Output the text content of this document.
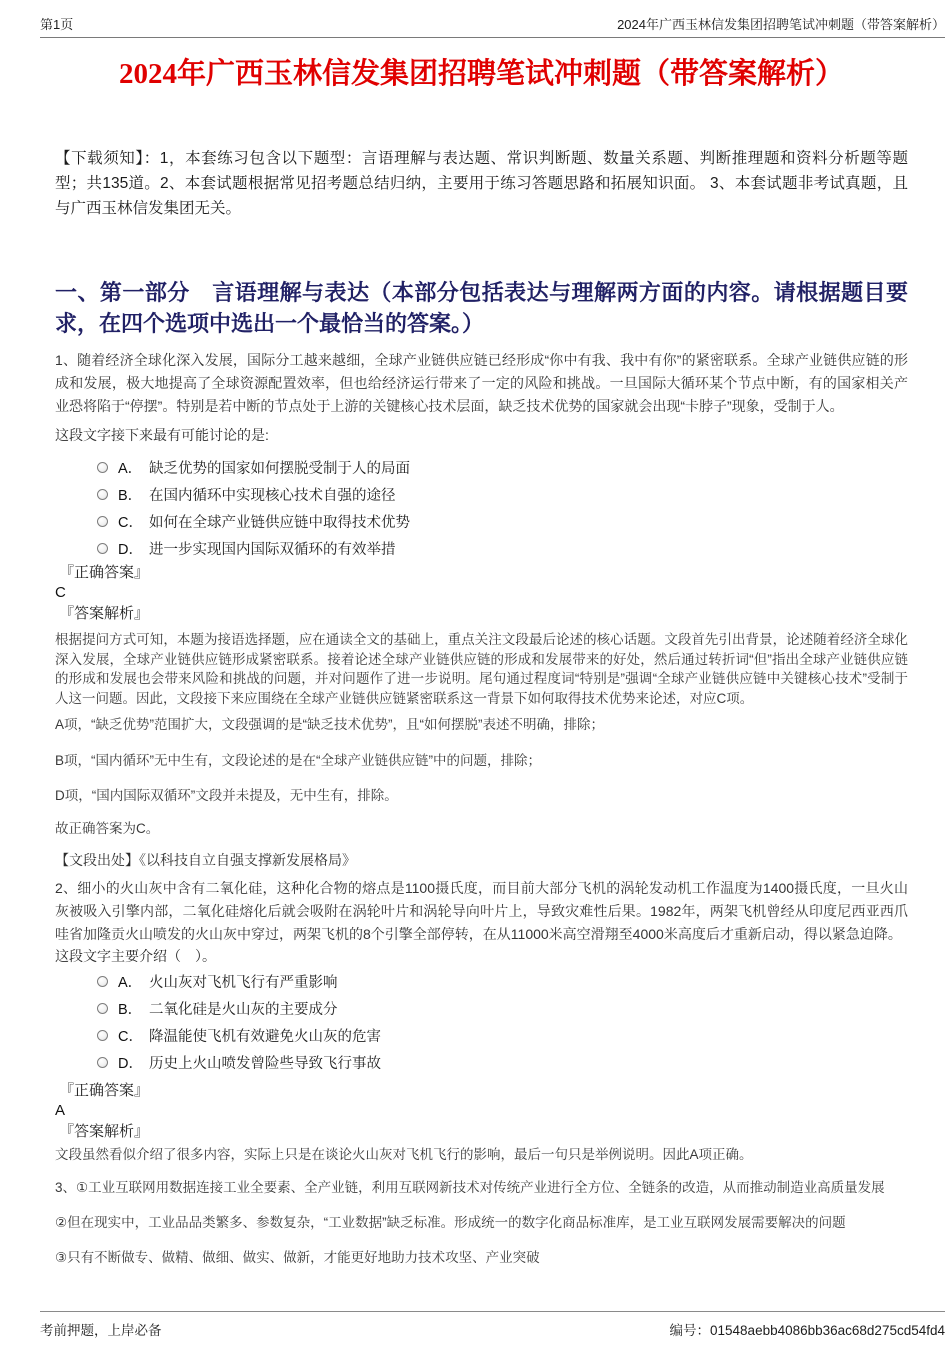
第1页	2024年广西玉林信发集团招聘笔试冲刺题（带答案解析）
2024年广西玉林信发集团招聘笔试冲刺题（带答案解析）

【下载须知】：1，本套练习包含以下题型：言语理解与表达题、常识判断题、数量关系题、判断推理题和资料分析题等题型；共135道。2、本套试题根据常见招考题总结归纳，主要用于练习答题思路和拓展知识面。 3、本套试题非考试真题，且与广西玉林信发集团无关。

一、第一部分　言语理解与表达（本部分包括表达与理解两方面的内容。请根据题目要求，在四个选项中选出一个最恰当的答案。）

1、随着经济全球化深入发展，国际分工越来越细，全球产业链供应链已经形成“你中有我、我中有你”的紧密联系。全球产业链供应链的形成和发展，极大地提高了全球资源配置效率，但也给经济运行带来了一定的风险和挑战。一旦国际大循环某个节点中断，有的国家相关产业恐将陷于“停摆”。特别是若中断的节点处于上游的关键核心技术层面，缺乏技术优势的国家就会出现“卡脖子”现象，受制于人。

这段文字接下来最有可能讨论的是:

A． 缺乏优势的国家如何摆脱受制于人的局面
B． 在国内循环中实现核心技术自强的途径
C． 如何在全球产业链供应链中取得技术优势
D． 进一步实现国内国际双循环的有效举措

『正确答案』

C

『答案解析』

根据提问方式可知，本题为接语选择题，应在通读全文的基础上，重点关注文段最后论述的核心话题。文段首先引出背景，论述随着经济全球化深入发展，全球产业链供应链形成紧密联系。接着论述全球产业链供应链的形成和发展带来的好处，然后通过转折词“但”指出全球产业链供应链的形成和发展也会带来风险和挑战的问题，并对问题作了进一步说明。尾句通过程度词“特别是”强调“全球产业链供应链中关键核心技术”受制于人这一问题。因此，文段接下来应围绕在全球产业链供应链紧密联系这一背景下如何取得技术优势来论述，对应C项。

A项，“缺乏优势”范围扩大，文段强调的是“缺乏技术优势”，且“如何摆脱”表述不明确，排除；

B项，“国内循环”无中生有，文段论述的是在“全球产业链供应链”中的问题，排除；

D项，“国内国际双循环”文段并未提及，无中生有，排除。

故正确答案为C。

【文段出处】《以科技自立自强支撑新发展格局》

2、细小的火山灰中含有二氧化硅，这种化合物的熔点是1100摄氏度，而目前大部分飞机的涡轮发动机工作温度为1400摄氏度，一旦火山灰被吸入引擎内部，二氧化硅熔化后就会吸附在涡轮叶片和涡轮导向叶片上，导致灾难性后果。1982年，两架飞机曾经从印度尼西亚西爪哇省加隆贡火山喷发的火山灰中穿过，两架飞机的8个引擎全部停转，在从11000米高空滑翔至4000米高度后才重新启动，得以紧急迫降。

这段文字主要介绍（　）。

A． 火山灰对飞机飞行有严重影响
B． 二氧化硅是火山灰的主要成分
C． 降温能使飞机有效避免火山灰的危害
D． 历史上火山喷发曾险些导致飞行事故

『正确答案』

A

『答案解析』

文段虽然看似介绍了很多内容，实际上只是在谈论火山灰对飞机飞行的影响，最后一句只是举例说明。因此A项正确。

3、①工业互联网用数据连接工业全要素、全产业链，利用互联网新技术对传统产业进行全方位、全链条的改造，从而推动制造业高质量发展

②但在现实中，工业品品类繁多、参数复杂，“工业数据”缺乏标准。形成统一的数字化商品标准库，是工业互联网发展需要解决的问题

③只有不断做专、做精、做细、做实、做新，才能更好地助力技术攻坚、产业突破

考前押题，上岸必备	编号：01548aebb4086bb36ac68d275cd54fd4
